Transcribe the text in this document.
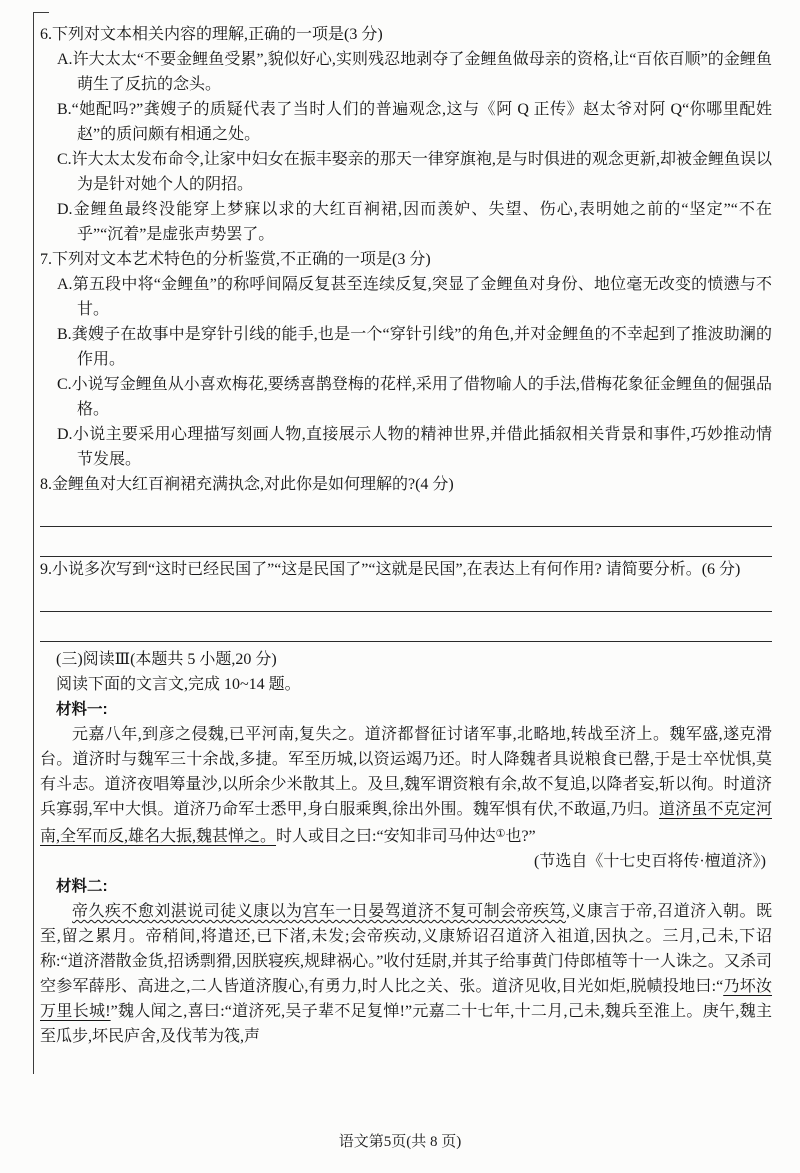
6.下列对文本相关内容的理解,正确的一项是(3 分)
A.许大太太“不要金鲤鱼受累”,貌似好心,实则残忍地剥夺了金鲤鱼做母亲的资格,让“百依百顺”的金鲤鱼萌生了反抗的念头。
B.“她配吗?”龚嫂子的质疑代表了当时人们的普遍观念,这与《阿 Q 正传》赵太爷对阿 Q“你哪里配姓赵”的质问颇有相通之处。
C.许大太太发布命令,让家中妇女在振丰娶亲的那天一律穿旗袍,是与时俱进的观念更新,却被金鲤鱼误以为是针对她个人的阴招。
D.金鲤鱼最终没能穿上梦寐以求的大红百裥裙,因而羡妒、失望、伤心,表明她之前的“坚定”“不在乎”“沉着”是虚张声势罢了。
7.下列对文本艺术特色的分析鉴赏,不正确的一项是(3 分)
A.第五段中将“金鲤鱼”的称呼间隔反复甚至连续反复,突显了金鲤鱼对身份、地位毫无改变的愤懑与不甘。
B.龚嫂子在故事中是穿针引线的能手,也是一个“穿针引线”的角色,并对金鲤鱼的不幸起到了推波助澜的作用。
C.小说写金鲤鱼从小喜欢梅花,要绣喜鹊登梅的花样,采用了借物喻人的手法,借梅花象征金鲤鱼的倔强品格。
D.小说主要采用心理描写刻画人物,直接展示人物的精神世界,并借此插叙相关背景和事件,巧妙推动情节发展。
8.金鲤鱼对大红百裥裙充满执念,对此你是如何理解的?(4 分)
9.小说多次写到“这时已经民国了”“这是民国了”“这就是民国”,在表达上有何作用? 请简要分析。(6 分)
(三)阅读Ⅲ(本题共 5 小题,20 分)
阅读下面的文言文,完成 10~14 题。
材料一:

元嘉八年,到彦之侵魏,已平河南,复失之。道济都督征讨诸军事,北略地,转战至济上。魏军盛,遂克滑台。道济时与魏军三十余战,多捷。军至历城,以资运竭乃还。时人降魏者具说粮食已罄,于是士卒忧惧,莫有斗志。道济夜唱筹量沙,以所余少米散其上。及旦,魏军谓资粮有余,故不复追,以降者妄,斩以徇。时道济兵寡弱,军中大惧。道济乃命军士悉甲,身白服乘舆,徐出外围。魏军惧有伏,不敢逼,乃归。道济虽不克定河南,全军而反,雄名大振,魏甚惮之。时人或目之曰:“安知非司马仲达①也?”

(节选自《十七史百将传·檀道济》)
材料二:

帝久疾不愈刘湛说司徒义康以为宫车一日晏驾道济不复可制会帝疾笃,义康言于帝,召道济入朝。既至,留之累月。帝稍间,将遣还,已下渚,未发;会帝疾动,义康矫诏召道济入祖道,因执之。三月,己未,下诏称:“道济潜散金货,招诱剽猾,因朕寝疾,规肆祸心。”收付廷尉,并其子给事黄门侍郎植等十一人诛之。又杀司空参军薛彤、高进之,二人皆道济腹心,有勇力,时人比之关、张。道济见收,目光如炬,脱帻投地曰:“乃坏汝万里长城!”魏人闻之,喜曰:“道济死,吴子辈不足复惮!”元嘉二十七年,十二月,己未,魏兵至淮上。庚午,魏主至瓜步,坏民庐舍,及伐苇为筏,声

语文第5页(共 8 页)
